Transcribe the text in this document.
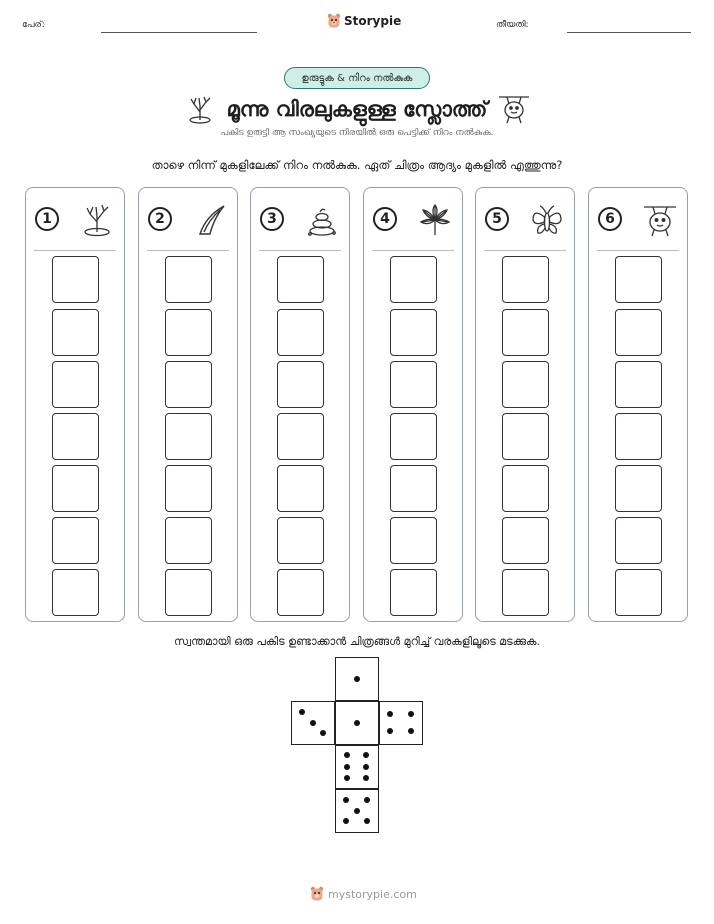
പേര്:	Storypie	തീയതി:
ഉരുട്ടുക & നിറം നൽകുക
മൂന്നു വിരലുകളുള്ള സ്ലോത്ത്
പകിട ഉരുട്ടി ആ സംഖ്യയുടെ നിരയിൽ ഒരു പെട്ടിക്ക് നിറം നൽകുക.
താഴെ നിന്ന് മുകളിലേക്ക് നിറം നൽകുക. ഏത് ചിത്രം ആദ്യം മുകളിൽ എത്തുന്നു?
1	2	3	4	5	6
സ്വന്തമായി ഒരു പകിട ഉണ്ടാക്കാൻ ചിത്രങ്ങൾ മുറിച്ച് വരകളിലൂടെ മടക്കുക.
mystorypie.com
